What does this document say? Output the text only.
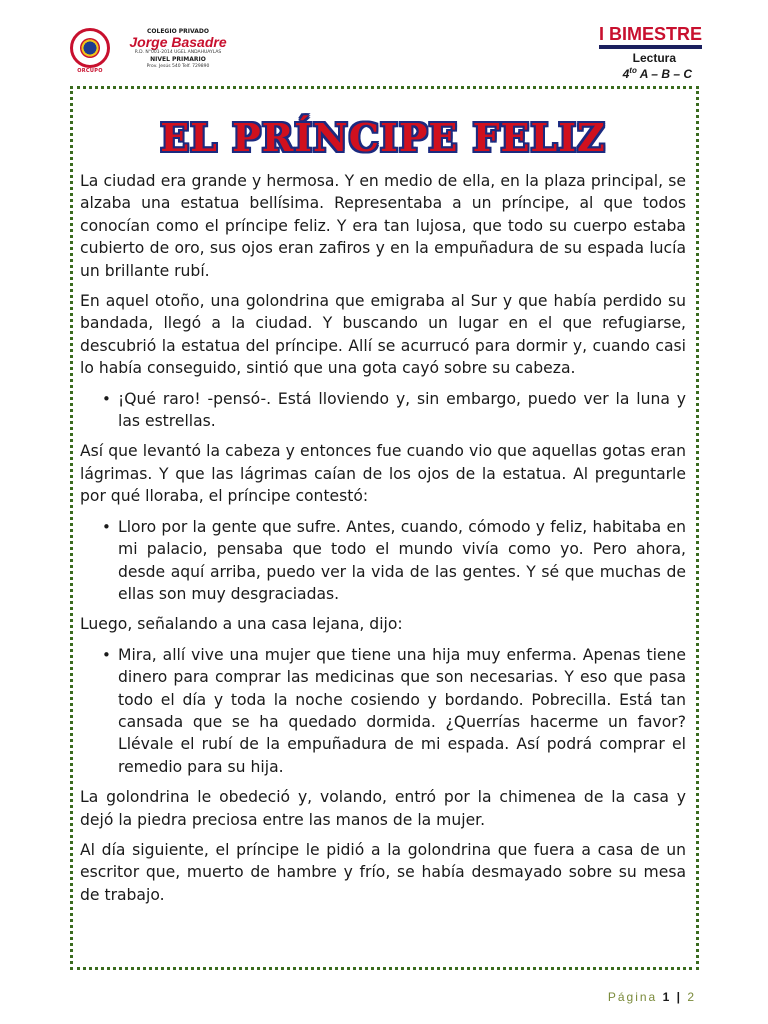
ORCUPO
COLEGIO PRIVADO
Jorge Basadre
R.D. N°001-2014 UGEL ANDAHUAYLAS
NIVEL PRIMARIO
Prov. Jesús 540 Telf. 729890
I BIMESTRE
Lectura
$4^{to}$ A – B – C
EL PRÍNCIPE FELIZ

La ciudad era grande y hermosa. Y en medio de ella, en la plaza principal, se alzaba una estatua bellísima. Representaba a un príncipe, al que todos conocían como el príncipe feliz. Y era tan lujosa, que todo su cuerpo estaba cubierto de oro, sus ojos eran zafiros y en la empuñadura de su espada lucía un brillante rubí.

En aquel otoño, una golondrina que emigraba al Sur y que había perdido su bandada, llegó a la ciudad. Y buscando un lugar en el que refugiarse, descubrió la estatua del príncipe. Allí se acurrucó para dormir y, cuando casi lo había conseguido, sintió que una gota cayó sobre su cabeza.

• ¡Qué raro! -pensó-. Está lloviendo y, sin embargo, puedo ver la luna y las estrellas.

Así que levantó la cabeza y entonces fue cuando vio que aquellas gotas eran lágrimas. Y que las lágrimas caían de los ojos de la estatua. Al preguntarle por qué lloraba, el príncipe contestó:

• Lloro por la gente que sufre. Antes, cuando, cómodo y feliz, habitaba en mi palacio, pensaba que todo el mundo vivía como yo. Pero ahora, desde aquí arriba, puedo ver la vida de las gentes. Y sé que muchas de ellas son muy desgraciadas.

Luego, señalando a una casa lejana, dijo:

• Mira, allí vive una mujer que tiene una hija muy enferma. Apenas tiene dinero para comprar las medicinas que son necesarias. Y eso que pasa todo el día y toda la noche cosiendo y bordando. Pobrecilla. Está tan cansada que se ha quedado dormida. ¿Querrías hacerme un favor? Llévale el rubí de la empuñadura de mi espada. Así podrá comprar el remedio para su hija.

La golondrina le obedeció y, volando, entró por la chimenea de la casa y dejó la piedra preciosa entre las manos de la mujer.

Al día siguiente, el príncipe le pidió a la golondrina que fuera a casa de un escritor que, muerto de hambre y frío, se había desmayado sobre su mesa de trabajo.

Página 1 | 2
